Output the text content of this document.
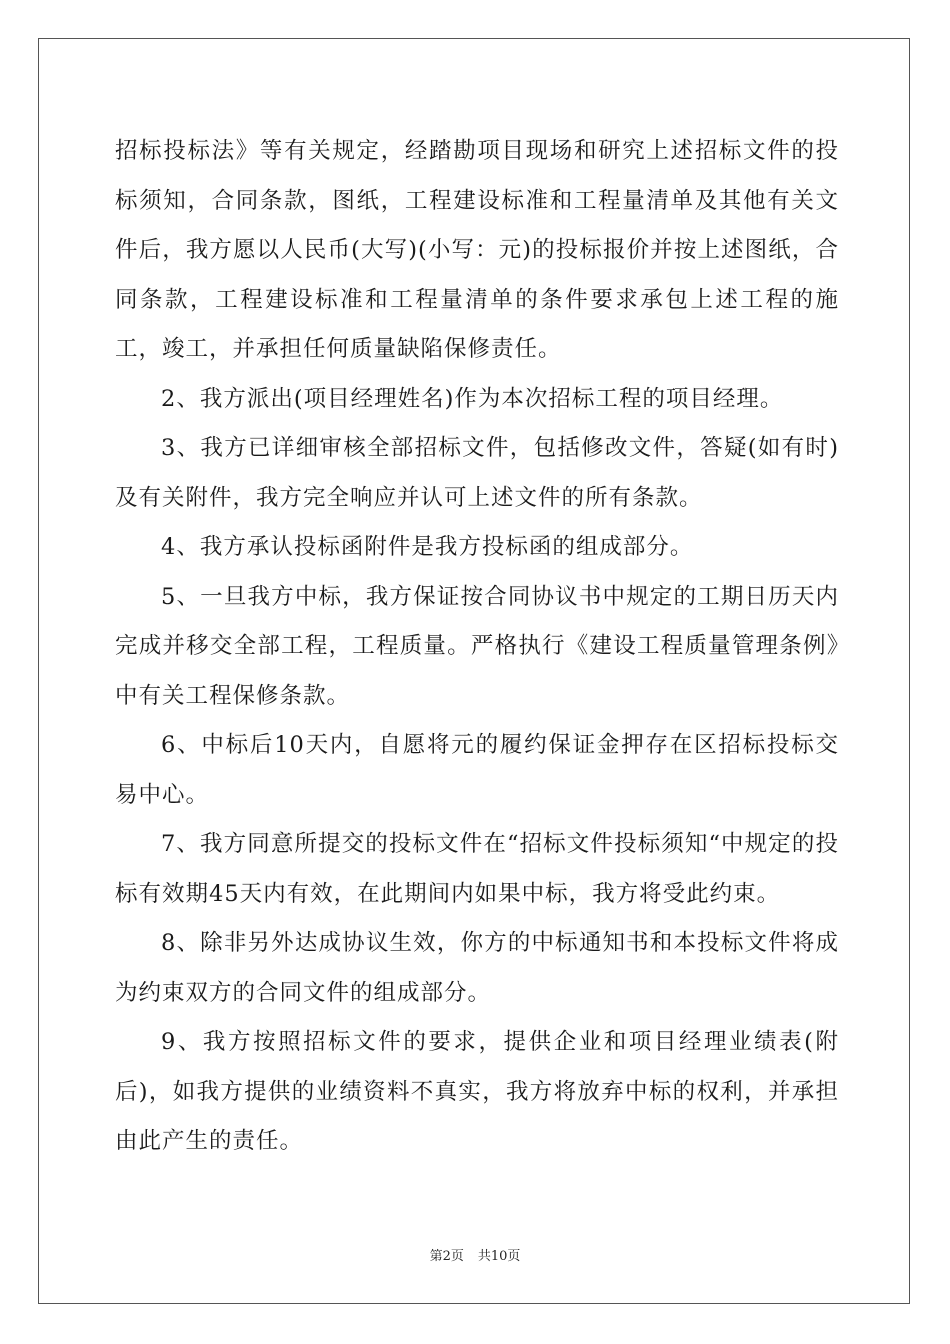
招标投标法》等有关规定，经踏勘项目现场和研究上述招标文件的投标须知，合同条款，图纸，工程建设标准和工程量清单及其他有关文件后，我方愿以人民币(大写)(小写：元)的投标报价并按上述图纸，合同条款，工程建设标准和工程量清单的条件要求承包上述工程的施工，竣工，并承担任何质量缺陷保修责任。

2、我方派出(项目经理姓名)作为本次招标工程的项目经理。

3、我方已详细审核全部招标文件，包括修改文件，答疑(如有时)及有关附件，我方完全响应并认可上述文件的所有条款。

4、我方承认投标函附件是我方投标函的组成部分。

5、一旦我方中标，我方保证按合同协议书中规定的工期日历天内完成并移交全部工程，工程质量。严格执行《建设工程质量管理条例》中有关工程保修条款。

6、中标后10天内，自愿将元的履约保证金押存在区招标投标交易中心。

7、我方同意所提交的投标文件在“招标文件投标须知“中规定的投标有效期45天内有效，在此期间内如果中标，我方将受此约束。

8、除非另外达成协议生效，你方的中标通知书和本投标文件将成为约束双方的合同文件的组成部分。

9、我方按照招标文件的要求，提供企业和项目经理业绩表(附后)，如我方提供的业绩资料不真实，我方将放弃中标的权利，并承担由此产生的责任。

第2页 共10页
